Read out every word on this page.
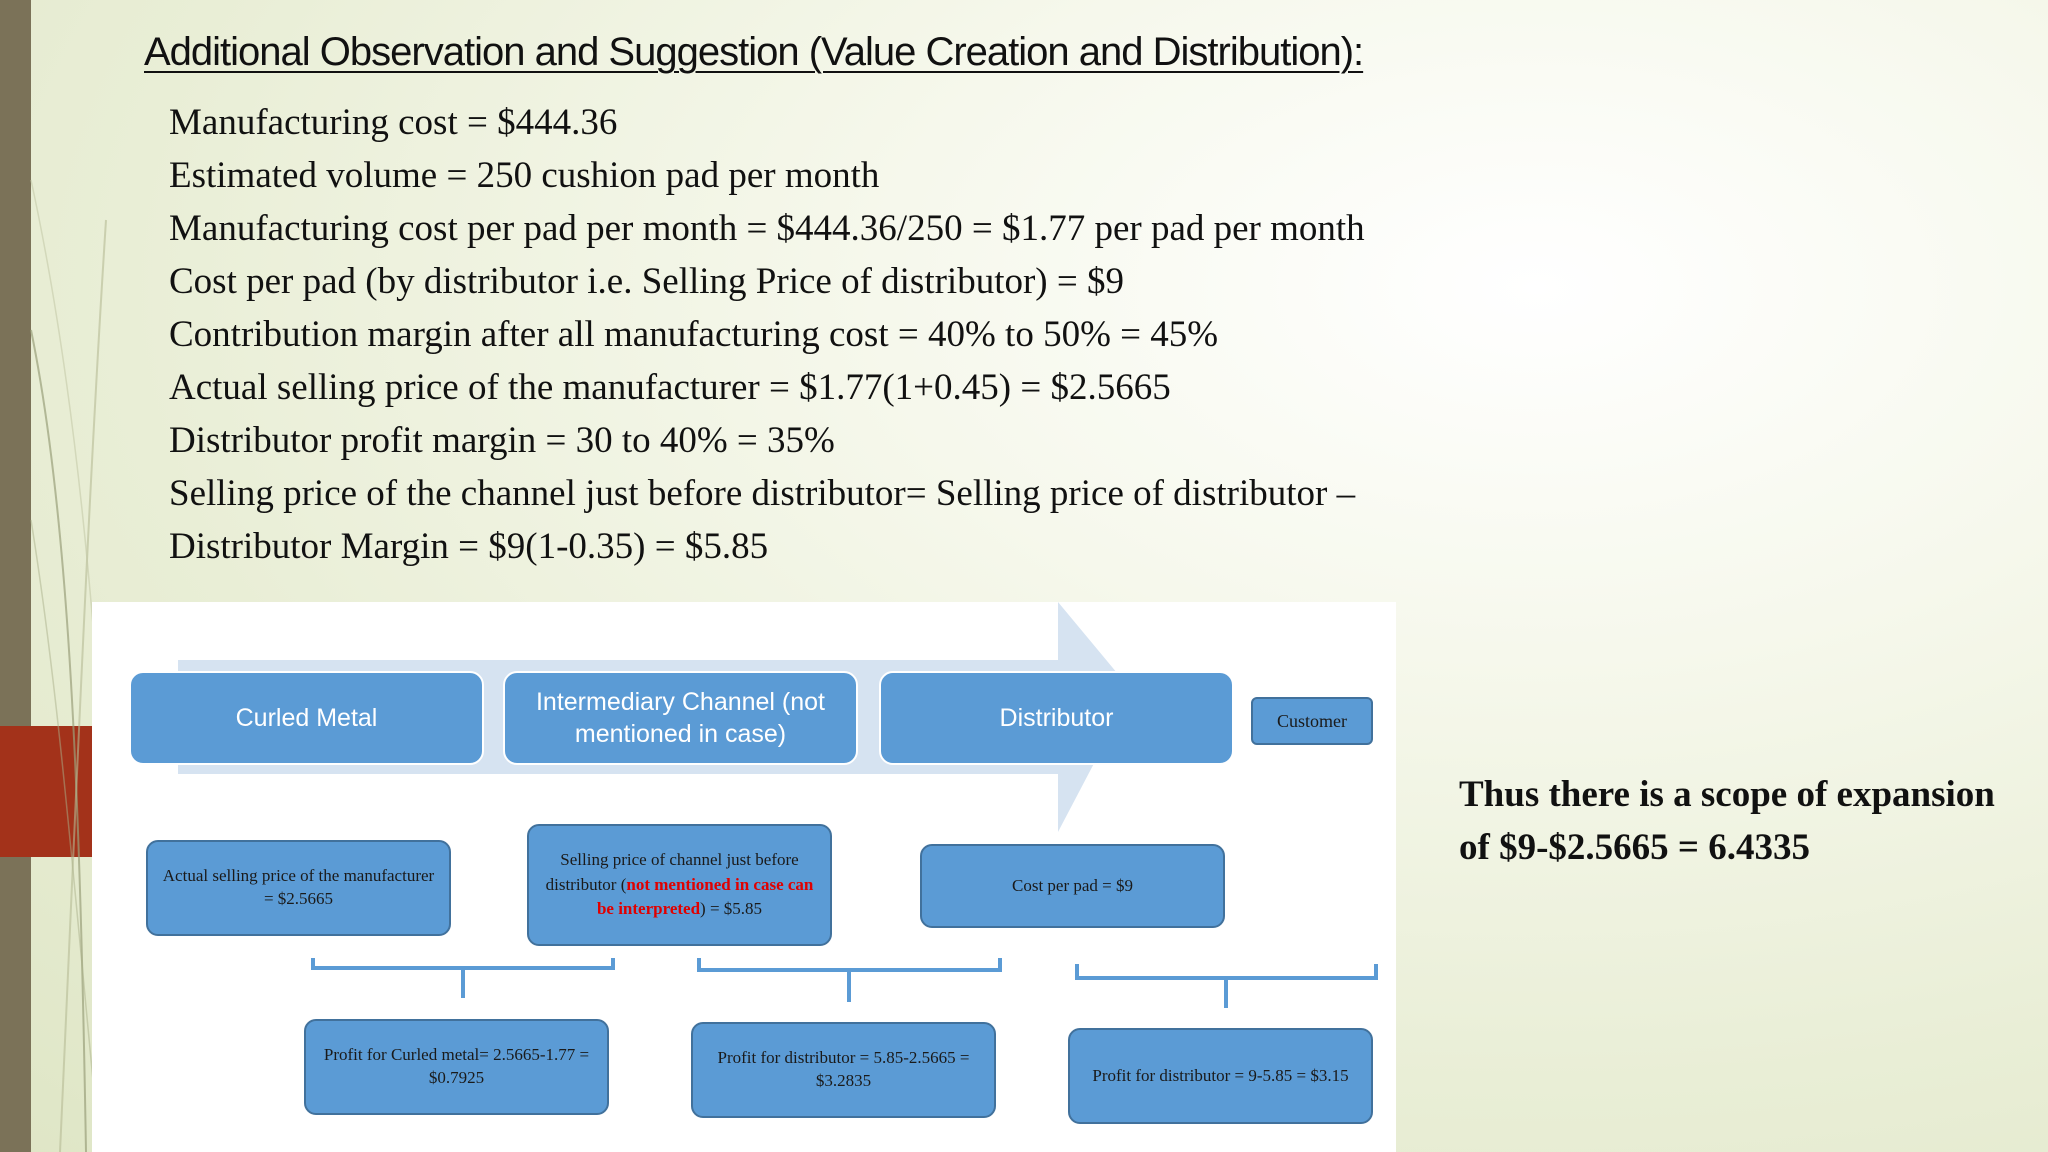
Additional Observation and Suggestion (Value Creation and Distribution):
Manufacturing cost = $444.36
Estimated volume = 250 cushion pad per month
Manufacturing cost per pad per month = $444.36/250 = $1.77 per pad per month
Cost per pad (by distributor i.e. Selling Price of distributor) = $9
Contribution margin after all manufacturing cost = 40% to 50% = 45%
Actual selling price of the manufacturer = $1.77(1+0.45) = $2.5665
Distributor profit margin = 30 to 40% = 35%
Selling price of the channel just before distributor= Selling price of distributor –
Distributor Margin = $9(1-0.35) = $5.85
Curled Metal
Intermediary Channel (not mentioned in case)
Distributor	Customer
Actual selling price of the manufacturer = $2.5665
Selling price of channel just before distributor (not mentioned in case can be interpreted) = $5.85
Cost per pad = $9
Profit for Curled metal= 2.5665-1.77 = $0.7925
Profit for distributor = 5.85-2.5665 = $3.2835	Profit for distributor = 9-5.85 = $3.15

Thus there is a scope of expansion of $9-$2.5665 = 6.4335
